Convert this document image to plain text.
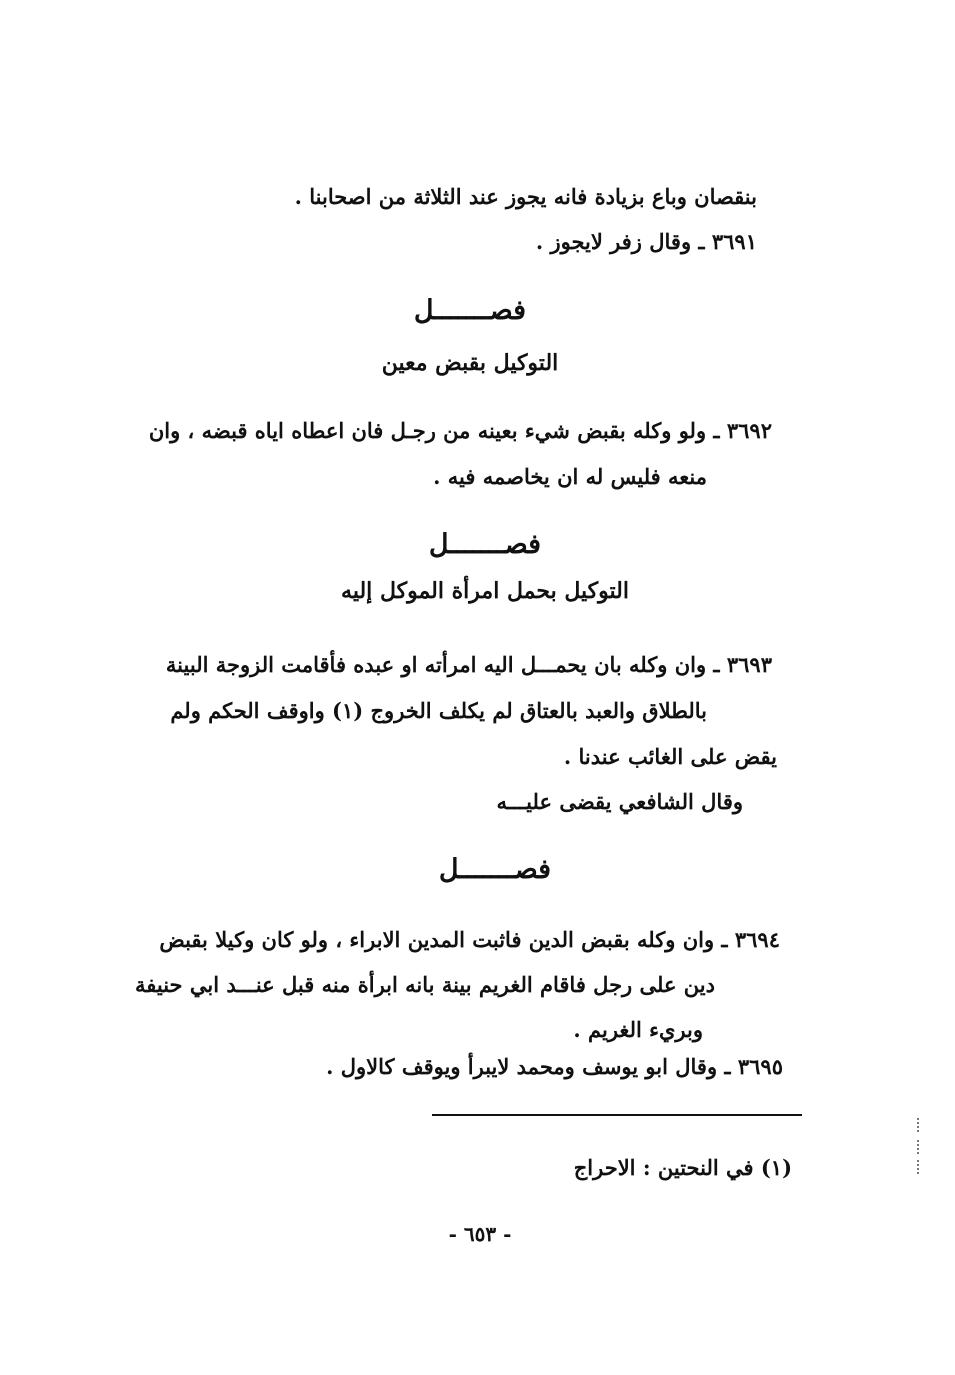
بنقصان وباع بزيادة فانه يجوز عند الثلاثة من اصحابنا .
٣٦٩١ ـ وقال زفر لايجوز .
فصـــــــل
التوكيل بقبض معين
٣٦٩٢ ـ ولو وكله بقبض شيء بعينه من رجـل فان اعطاه اياه قبضه ، وان
منعه فليس له ان يخاصمه فيه .
فصـــــــل
التوكيل بحمل امرأة الموكل إليه
٣٦٩٣ ـ وان وكله بان يحمـــل اليه امرأته او عبده فأقامت الزوجة البينة
بالطلاق والعبد بالعتاق لم يكلف الخروج (١) واوقف الحكم ولم
يقض على الغائب عندنا .
وقال الشافعي يقضى عليـــه
فصـــــــل
٣٦٩٤ ـ وان وكله بقبض الدين فاثبت المدين الابراء ، ولو كان وكيلا بقبض
دين على رجل فاقام الغريم بينة بانه ابرأة منه قبل عنـــد ابي حنيفة
وبريء الغريم .
٣٦٩٥ ـ وقال ابو يوسف ومحمد لايبرأ ويوقف كالاول .
(١) في النحتين : الاحراج
- ٦٥٣ -
